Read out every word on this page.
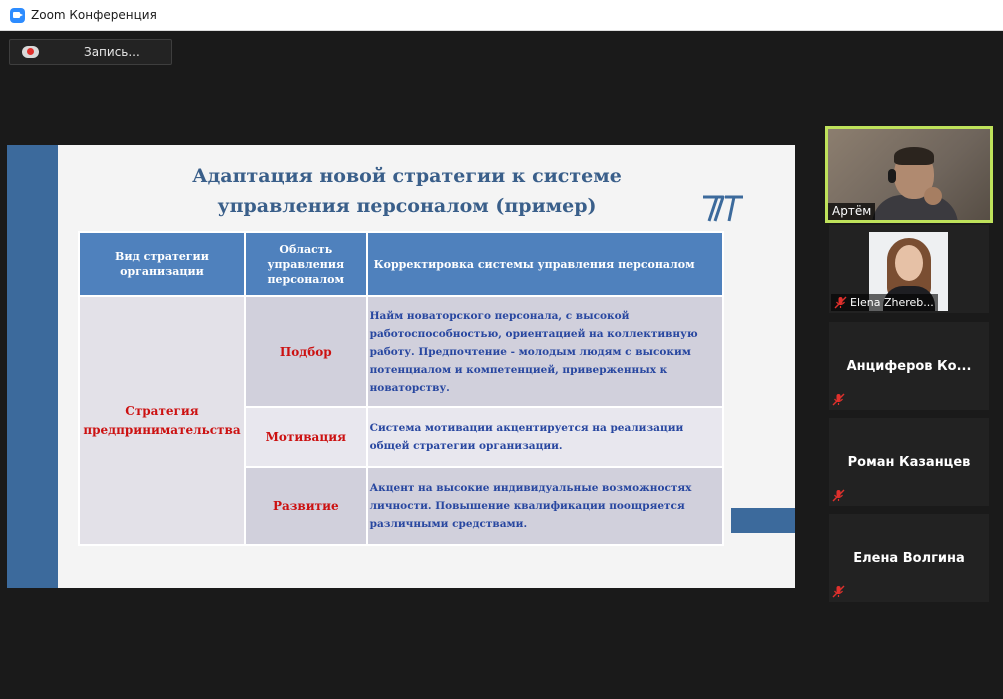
Zoom Конференция
Запись...
Адаптация новой стратегии к системе
управления персоналом (пример)
Вид стратегии организации	Область управления персоналом	Корректировка системы управления персоналом
Стратегия предпринимательства	Подбор	Найм новаторского персонала, с высокой работоспособностью, ориентацией на коллективную работу. Предпочтение - молодым людям с высоким потенциалом и компетенцией, приверженных к новаторству.
	Мотивация	Система мотивации акцентируется на реализации общей стратегии организации.
	Развитие	Акцент на высокие индивидуальные возможностях личности. Повышение квалификации поощряется различными средствами.
Артём
Elena Zhereb...
Анциферов Ко...
Роман Казанцев
Елена Волгина
